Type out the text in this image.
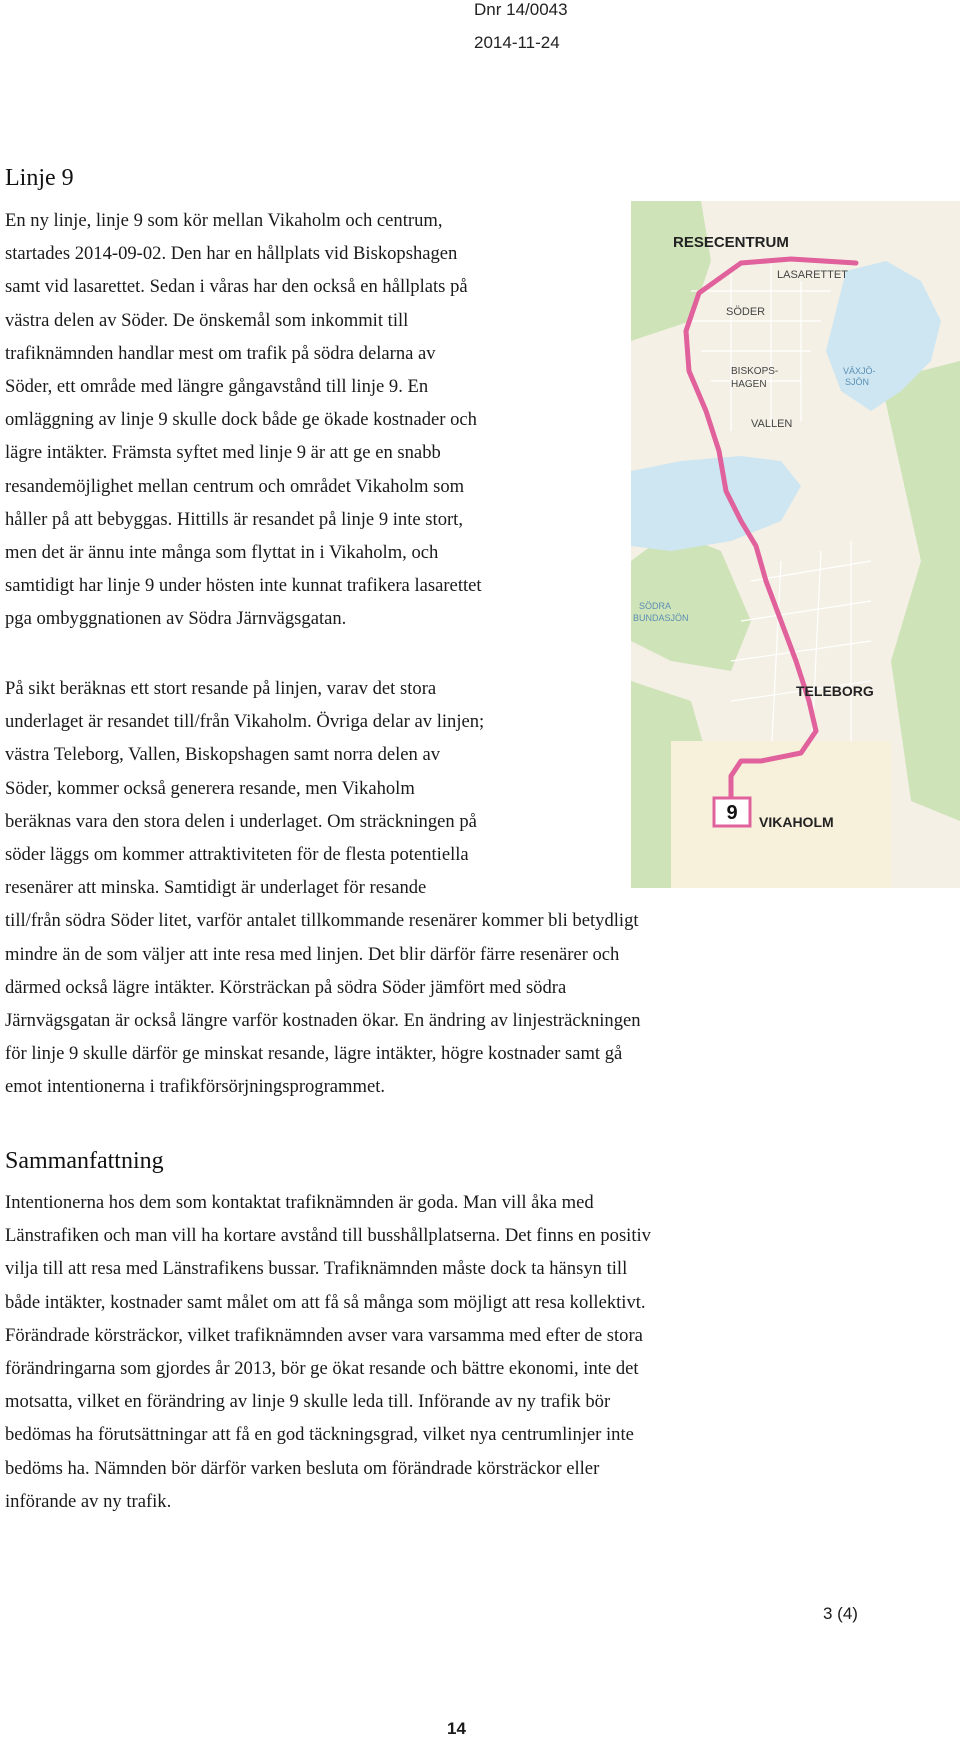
Dnr 14/0043
2014-11-24
Linje 9
En ny linje, linje 9 som kör mellan Vikaholm och centrum,
startades 2014-09-02. Den har en hållplats vid Biskopshagen
samt vid lasarettet. Sedan i våras har den också en hållplats på
västra delen av Söder. De önskemål som inkommit till
trafiknämnden handlar mest om trafik på södra delarna av
Söder, ett område med längre gångavstånd till linje 9. En
omläggning av linje 9 skulle dock både ge ökade kostnader och
lägre intäkter. Främsta syftet med linje 9 är att ge en snabb
resandemöjlighet mellan centrum och området Vikaholm som
håller på att bebyggas. Hittills är resandet på linje 9 inte stort,
men det är ännu inte många som flyttat in i Vikaholm, och
samtidigt har linje 9 under hösten inte kunnat trafikera lasarettet
pga ombyggnationen av Södra Järnvägsgatan.
På sikt beräknas ett stort resande på linjen, varav det stora
underlaget är resandet till/från Vikaholm. Övriga delar av linjen;
västra Teleborg, Vallen, Biskopshagen samt norra delen av
Söder, kommer också generera resande, men Vikaholm
beräknas vara den stora delen i underlaget. Om sträckningen på
söder läggs om kommer attraktiviteten för de flesta potentiella
resenärer att minska. Samtidigt är underlaget för resande
till/från södra Söder litet, varför antalet tillkommande resenärer kommer bli betydligt
mindre än de som väljer att inte resa med linjen. Det blir därför färre resenärer och
därmed också lägre intäkter. Körsträckan på södra Söder jämfört med södra
Järnvägsgatan är också längre varför kostnaden ökar. En ändring av linjesträckningen
för linje 9 skulle därför ge minskat resande, lägre intäkter, högre kostnader samt gå
emot intentionerna i trafikförsörjningsprogrammet.
Sammanfattning
Intentionerna hos dem som kontaktat trafiknämnden är goda. Man vill åka med
Länstrafiken och man vill ha kortare avstånd till busshållplatserna. Det finns en positiv
vilja till att resa med Länstrafikens bussar. Trafiknämnden måste dock ta hänsyn till
både intäkter, kostnader samt målet om att få så många som möjligt att resa kollektivt.
Förändrade körsträckor, vilket trafiknämnden avser vara varsamma med efter de stora
förändringarna som gjordes år 2013, bör ge ökat resande och bättre ekonomi, inte det
motsatta, vilket en förändring av linje 9 skulle leda till. Införande av ny trafik bör
bedömas ha förutsättningar att få en god täckningsgrad, vilket nya centrumlinjer inte
bedöms ha. Nämnden bör därför varken besluta om förändrade körsträckor eller
införande av ny trafik.
9
RESECENTRUM
LASARETTET
SÖDER
BISKOPS-
HAGEN
VÄXJÖ-
SJÖN
VALLEN
SÖDRA
BUNDASJÖN
TELEBORG
VIKAHOLM
3 (4)
14
